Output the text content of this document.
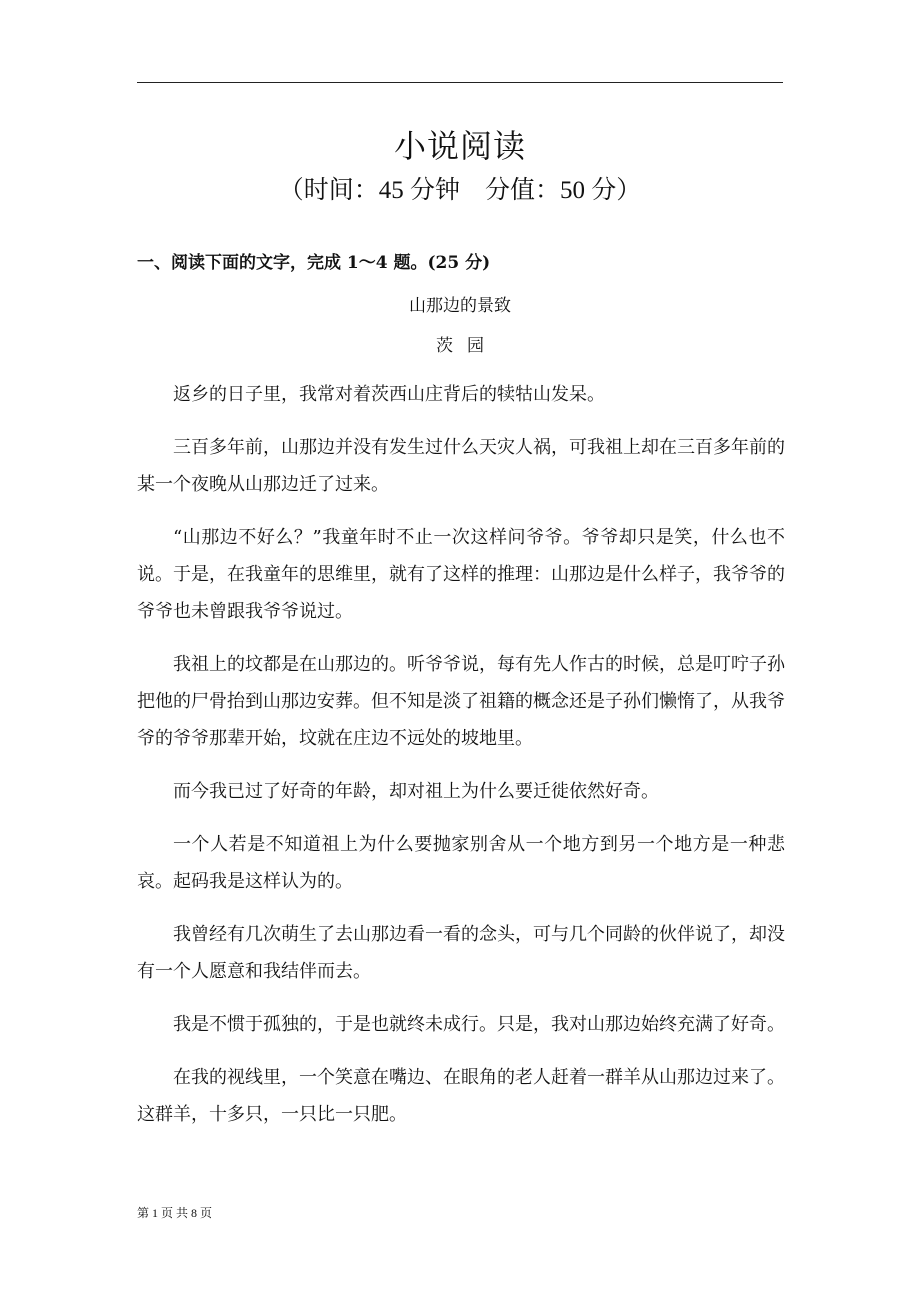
小说阅读
（时间：45 分钟　分值：50 分）
一、阅读下面的文字，完成 1～4 题。(25 分)
山那边的景致
茨园

返乡的日子里，我常对着茨西山庄背后的犊牯山发呆。

三百多年前，山那边并没有发生过什么天灾人祸，可我祖上却在三百多年前的某一个夜晚从山那边迁了过来。

“山那边不好么？”我童年时不止一次这样问爷爷。爷爷却只是笑，什么也不说。于是，在我童年的思维里，就有了这样的推理：山那边是什么样子，我爷爷的爷爷也未曾跟我爷爷说过。

我祖上的坟都是在山那边的。听爷爷说，每有先人作古的时候，总是叮咛子孙把他的尸骨抬到山那边安葬。但不知是淡了祖籍的概念还是子孙们懒惰了，从我爷爷的爷爷那辈开始，坟就在庄边不远处的坡地里。

而今我已过了好奇的年龄，却对祖上为什么要迁徙依然好奇。

一个人若是不知道祖上为什么要抛家别舍从一个地方到另一个地方是一种悲哀。起码我是这样认为的。

我曾经有几次萌生了去山那边看一看的念头，可与几个同龄的伙伴说了，却没有一个人愿意和我结伴而去。

我是不惯于孤独的，于是也就终未成行。只是，我对山那边始终充满了好奇。

在我的视线里，一个笑意在嘴边、在眼角的老人赶着一群羊从山那边过来了。这群羊，十多只，一只比一只肥。

第 1 页 共 8 页
